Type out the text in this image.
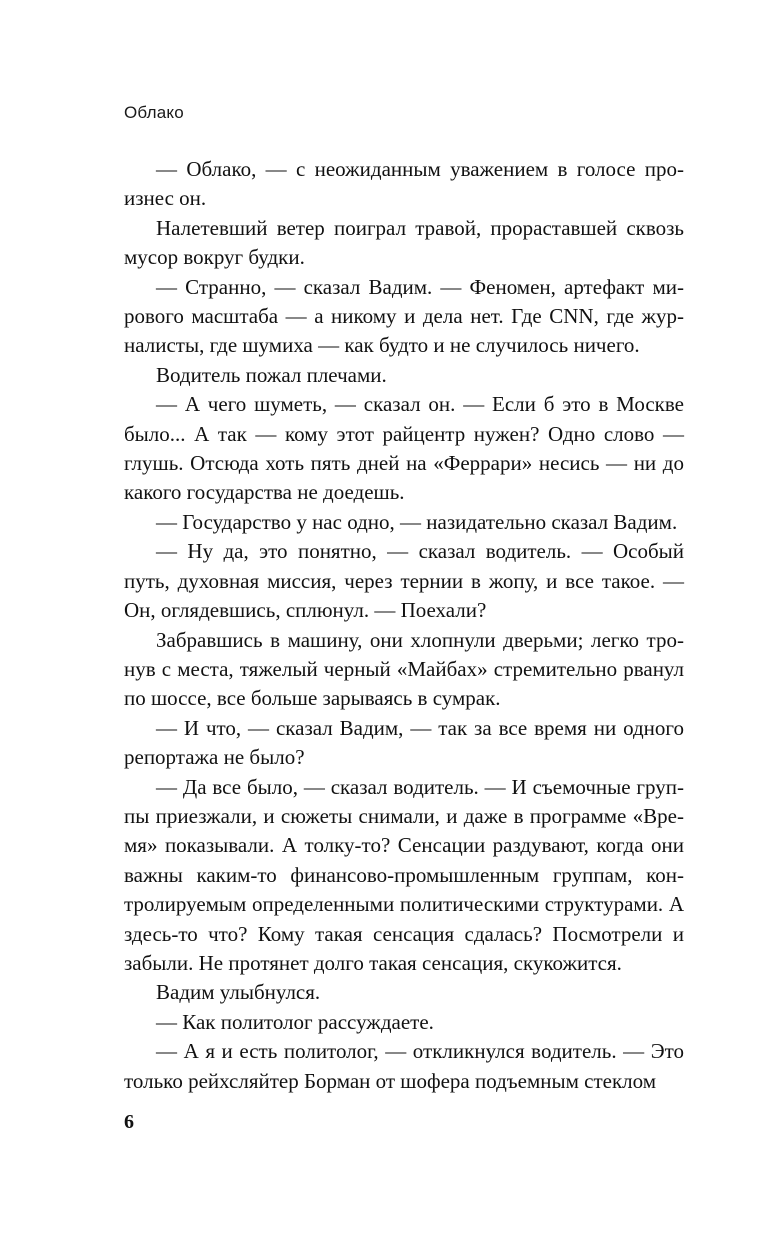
Облако

— Облако, — с неожиданным уважением в голосе произнес он.

Налетевший ветер поиграл травой, прораставшей сквозь мусор вокруг будки.

— Странно, — сказал Вадим. — Феномен, артефакт мирового масштаба — а никому и дела нет. Где CNN, где журналисты, где шумиха — как будто и не случилось ничего.

Водитель пожал плечами.

— А чего шуметь, — сказал он. — Если б это в Москве было... А так — кому этот райцентр нужен? Одно слово — глушь. Отсюда хоть пять дней на «Феррари» несись — ни до какого государства не доедешь.

— Государство у нас одно, — назидательно сказал Вадим.

— Ну да, это понятно, — сказал водитель. — Особый путь, духовная миссия, через тернии в жопу, и все такое. — Он, оглядевшись, сплюнул. — Поехали?

Забравшись в машину, они хлопнули дверьми; легко тронув с места, тяжелый черный «Майбах» стремительно рванул по шоссе, все больше зарываясь в сумрак.

— И что, — сказал Вадим, — так за все время ни одного репортажа не было?

— Да все было, — сказал водитель. — И съемочные группы приезжали, и сюжеты снимали, и даже в программе «Время» показывали. А толку-то? Сенсации раздувают, когда они важны каким-то финансово-промышленным группам, контролируемым определенными политическими структурами. А здесь-то что? Кому такая сенсация сдалась? Посмотрели и забыли. Не протянет долго такая сенсация, скукожится.

Вадим улыбнулся.

— Как политолог рассуждаете.

— А я и есть политолог, — откликнулся водитель. — Это только рейхсляйтер Борман от шофера подъемным стеклом

6
